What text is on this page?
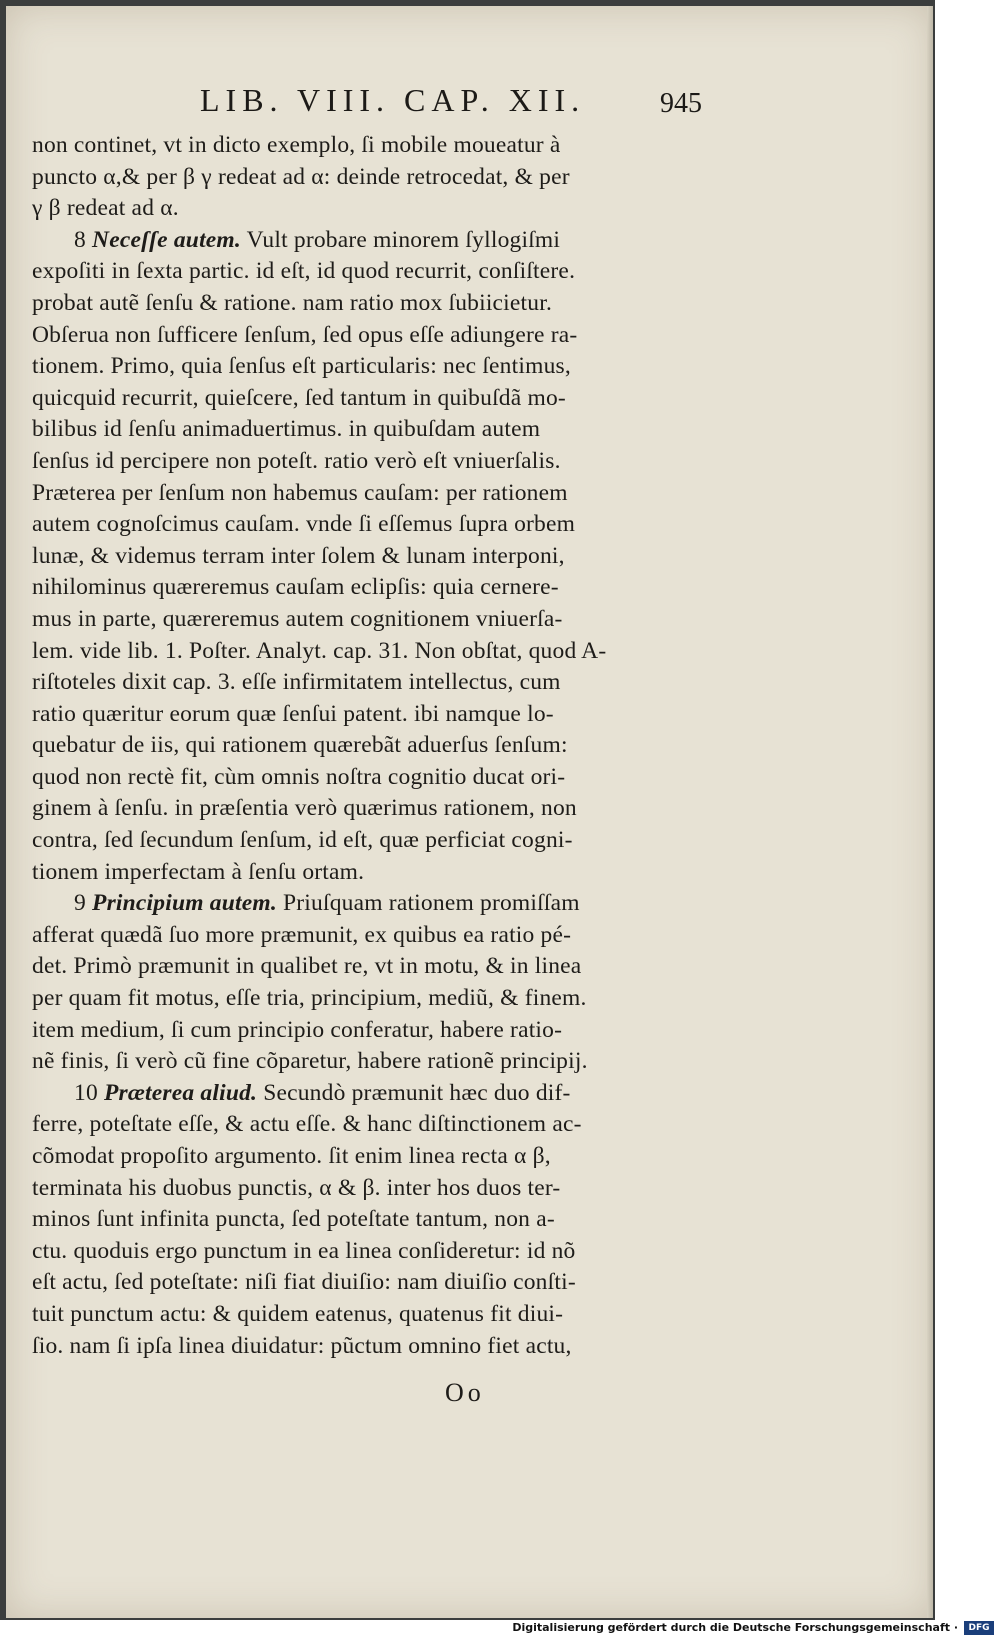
LIB. VIII. CAP. XII.	945
non continet, vt in dicto exemplo, ſi mobile moueatur à
puncto α,& per β γ redeat ad α: deinde retrocedat, & per
γ β redeat ad α.
8 Neceſſe autem. Vult probare minorem ſyllogiſmi
expoſiti in ſexta partic. id eſt, id quod recurrit, conſiſtere.
probat autẽ ſenſu & ratione. nam ratio mox ſubiicietur.
Obſerua non ſufficere ſenſum, ſed opus eſſe adiungere ra-
tionem. Primo, quia ſenſus eſt particularis: nec ſentimus,
quicquid recurrit, quieſcere, ſed tantum in quibuſdã mo-
bilibus id ſenſu animaduertimus. in quibuſdam autem
ſenſus id percipere non poteſt. ratio verò eſt vniuerſalis.
Præterea per ſenſum non habemus cauſam: per rationem
autem cognoſcimus cauſam. vnde ſi eſſemus ſupra orbem
lunæ, & videmus terram inter ſolem & lunam interponi,
nihilominus quæreremus cauſam eclipſis: quia cernere-
mus in parte, quæreremus autem cognitionem vniuerſa-
lem. vide lib. 1. Poſter. Analyt. cap. 31. Non obſtat, quod A-
riſtoteles dixit cap. 3. eſſe infirmitatem intellectus, cum
ratio quæritur eorum quæ ſenſui patent. ibi namque lo-
quebatur de iis, qui rationem quærebãt aduerſus ſenſum:
quod non rectè fit, cùm omnis noſtra cognitio ducat ori-
ginem à ſenſu. in præſentia verò quærimus rationem, non
contra, ſed ſecundum ſenſum, id eſt, quæ perficiat cogni-
tionem imperfectam à ſenſu ortam.
9 Principium autem. Priuſquam rationem promiſſam
afferat quædã ſuo more præmunit, ex quibus ea ratio pé-
det. Primò præmunit in qualibet re, vt in motu, & in linea
per quam fit motus, eſſe tria, principium, mediũ, & finem.
item medium, ſi cum principio conferatur, habere ratio-
nẽ finis, ſi verò cũ fine cõparetur, habere rationẽ principij.
10 Præterea aliud. Secundò præmunit hæc duo dif-
ferre, poteſtate eſſe, & actu eſſe. & hanc diſtinctionem ac-
cõmodat propoſito argumento. ſit enim linea recta α β,
terminata his duobus punctis, α & β. inter hos duos ter-
minos ſunt infinita puncta, ſed poteſtate tantum, non a-
ctu. quoduis ergo punctum in ea linea conſideretur: id nõ
eſt actu, ſed poteſtate: niſi fiat diuiſio: nam diuiſio conſti-
tuit punctum actu: & quidem eatenus, quatenus fit diui-
ſio. nam ſi ipſa linea diuidatur: pũctum omnino fiet actu,
Oo
Digitalisierung gefördert durch die Deutsche Forschungsgemeinschaft ·	DFG
